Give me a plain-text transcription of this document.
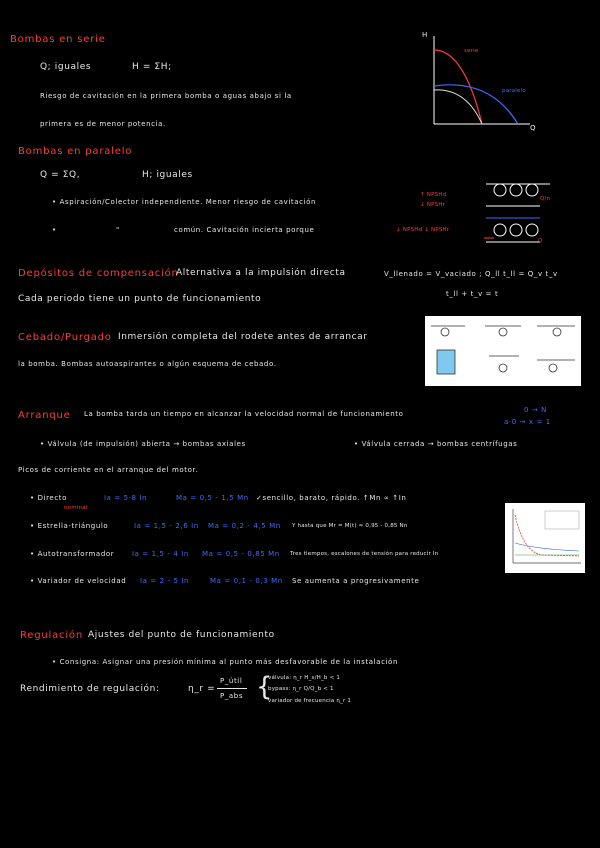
Bombas en serie
Q; iguales	H = ΣH;
Riesgo de cavitación en la primera bomba o aguas abajo si la
primera es de menor potencia.
H
Q
serie
paralelo
Bombas en paralelo
Q = ΣQ,	H; iguales
• Aspiración/Colector independiente. Menor riesgo de cavitación
↑ NPSHd
↓ NPSHr
•	"	común. Cavitación incierta porque	↓ NPSHd ↓ NPSHr
Q/n
Q
Depósitos de compensación
Alternativa a la impulsión directa
Cada periodo tiene un punto de funcionamiento
V_llenado = V_vaciado ; Q_ll t_ll = Q_v t_v
t_ll + t_v = t
Cebado/Purgado Inmersión completa del rodete antes de arrancar
la bomba. Bombas autoaspirantes o algún esquema de cebado.
Arranque La bomba tarda un tiempo en alcanzar la velocidad normal de funcionamiento	0 → N
a·0 → x = 1
• Válvula (de impulsión) abierta → bombas axiales	• Válvula cerrada → bombas centrífugas
Picos de corriente en el arranque del motor.
• Directo	Ia = 5·8 In	Ma = 0,5 - 1,5 Mn ✓sencillo, barato, rápido. ↑Mn ∝ ↑In
nominal
• Estrella-triángulo	Ia = 1,5 - 2,6 In Ma = 0,2 - 4,5 Mn Y hasta que Mr = M(t) ≈ 0,95 - 0,85 Nn
• Autotransformador	Ia = 1,5 - 4 In Ma = 0,5 - 0,85 Mn Tres tiempos, escalones de tensión para reducir In
• Variador de velocidad Ia = 2 - 5 In	Ma = 0,1 - 0,3 Mn Se aumenta a progresivamente
Regulación Ajustes del punto de funcionamiento
• Consigna: Asignar una presión mínima al punto más desfavorable de la instalación
Rendimiento de regulación:	η_r =
P_útil
P_abs {
válvula: η_r H_s/H_b < 1
bypass: η_r Q/Q_b < 1
variador de frecuencia η_r 1
